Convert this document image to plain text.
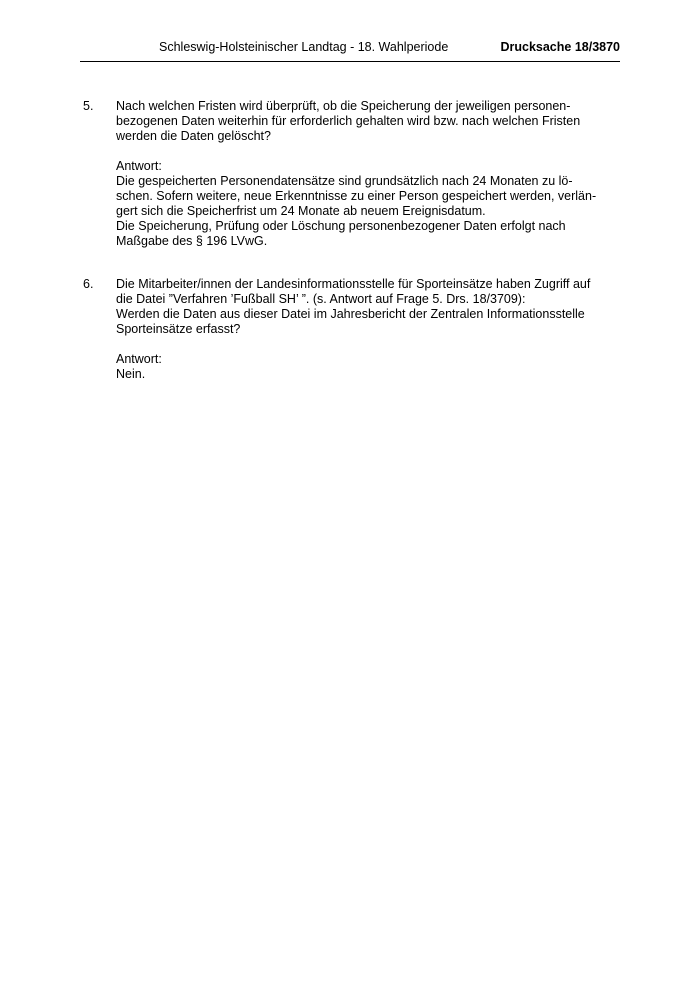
Schleswig-Holsteinischer Landtag - 18. Wahlperiode	Drucksache 18/3870
5. Nach welchen Fristen wird überprüft, ob die Speicherung der jeweiligen personen-
bezogenen Daten weiterhin für erforderlich gehalten wird bzw. nach welchen Fristen
werden die Daten gelöscht?
Antwort:
Die gespeicherten Personendatensätze sind grundsätzlich nach 24 Monaten zu lö-
schen. Sofern weitere, neue Erkenntnisse zu einer Person gespeichert werden, verlän-
gert sich die Speicherfrist um 24 Monate ab neuem Ereignisdatum.
Die Speicherung, Prüfung oder Löschung personenbezogener Daten erfolgt nach
Maßgabe des § 196 LVwG.
6. Die Mitarbeiter/innen der Landesinformationsstelle für Sporteinsätze haben Zugriff auf
die Datei ”Verfahren ’Fußball SH’ ”. (s. Antwort auf Frage 5. Drs. 18/3709):
Werden die Daten aus dieser Datei im Jahresbericht der Zentralen Informationsstelle
Sporteinsätze erfasst?
Antwort:
Nein.
